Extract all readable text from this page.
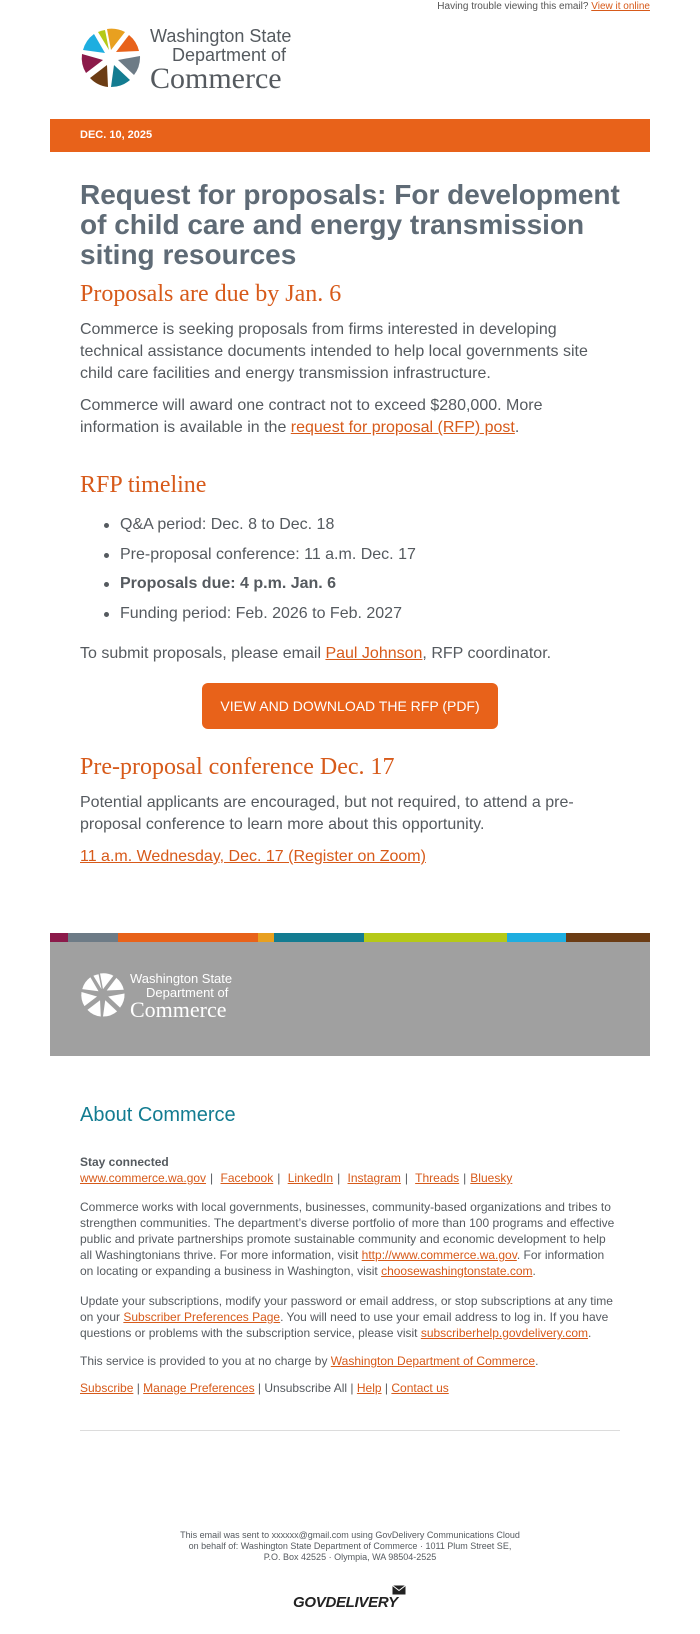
Having trouble viewing this email? View it online
Washington State
Department of
Commerce
DEC. 10, 2025
Request for proposals: For development of child care and energy transmission siting resources
Proposals are due by Jan. 6

Commerce is seeking proposals from firms interested in developing technical assistance documents intended to help local governments site child care facilities and energy transmission infrastructure.

Commerce will award one contract not to exceed $280,000. More information is available in the request for proposal (RFP) post.

RFP timeline
Q&A period: Dec. 8 to Dec. 18
Pre-proposal conference: 11 a.m. Dec. 17
Proposals due: 4 p.m. Jan. 6
Funding period: Feb. 2026 to Feb. 2027

To submit proposals, please email Paul Johnson, RFP coordinator.

VIEW AND DOWNLOAD THE RFP (PDF)
Pre-proposal conference Dec. 17

Potential applicants are encouraged, but not required, to attend a pre-proposal conference to learn more about this opportunity.

11 a.m. Wednesday, Dec. 17 (Register on Zoom)
Washington State
Department of
Commerce
About Commerce
Stay connected
www.commerce.wa.gov | Facebook | LinkedIn | Instagram | Threads | Bluesky

Commerce works with local governments, businesses, community-based organizations and tribes to strengthen communities. The department’s diverse portfolio of more than 100 programs and effective public and private partnerships promote sustainable community and economic development to help all Washingtonians thrive. For more information, visit http://www.commerce.wa.gov. For information on locating or expanding a business in Washington, visit choosewashingtonstate.com.

Update your subscriptions, modify your password or email address, or stop subscriptions at any time on your Subscriber Preferences Page. You will need to use your email address to log in. If you have questions or problems with the subscription service, please visit subscriberhelp.govdelivery.com.

This service is provided to you at no charge by Washington Department of Commerce.

Subscribe | Manage Preferences | Unsubscribe All | Help | Contact us
This email was sent to xxxxxx@gmail.com using GovDelivery Communications Cloud on behalf of: Washington State Department of Commerce · 1011 Plum Street SE, P.O. Box 42525 · Olympia, WA 98504-2525
GOVDELIVERY
